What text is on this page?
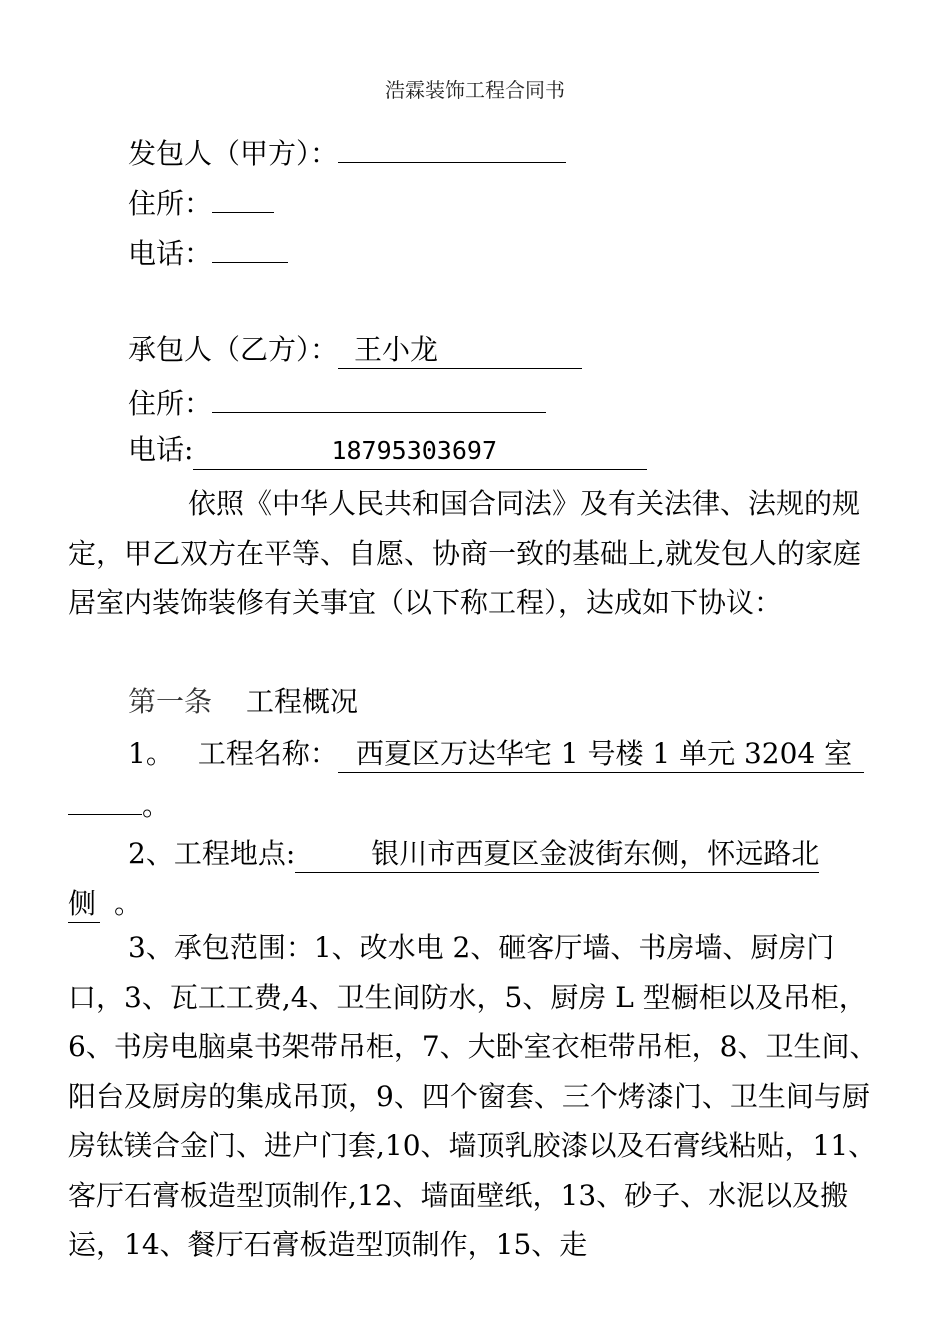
浩霖装饰工程合同书
发包人（甲方）：
住所：
电话：
承包人（乙方）： 王小龙
住所：
电话:	18795303697
依照《中华人民共和国合同法》及有关法律、法规的规定，甲乙双方在平等、自愿、协商一致的基础上,就发包人的家庭居室内装饰装修有关事宜（以下称工程），达成如下协议：
第一条 工程概况
1。 工程名称： 西夏区万达华宅 1 号楼 1 单元 3204 室
。
2、工程地点:	银川市西夏区金波街东侧，怀远路北
侧 。
3、承包范围：1、改水电 2、砸客厅墙、书房墙、厨房门口，3、瓦工工费,4、卫生间防水，5、厨房 L 型橱柜以及吊柜，6、书房电脑桌书架带吊柜，7、大卧室衣柜带吊柜，8、卫生间、阳台及厨房的集成吊顶，9、四个窗套、三个烤漆门、卫生间与厨房钛镁合金门、进户门套,10、墙顶乳胶漆以及石膏线粘贴，11、客厅石膏板造型顶制作,12、墙面壁纸，13、砂子、水泥以及搬运，14、餐厅石膏板造型顶制作，15、走
